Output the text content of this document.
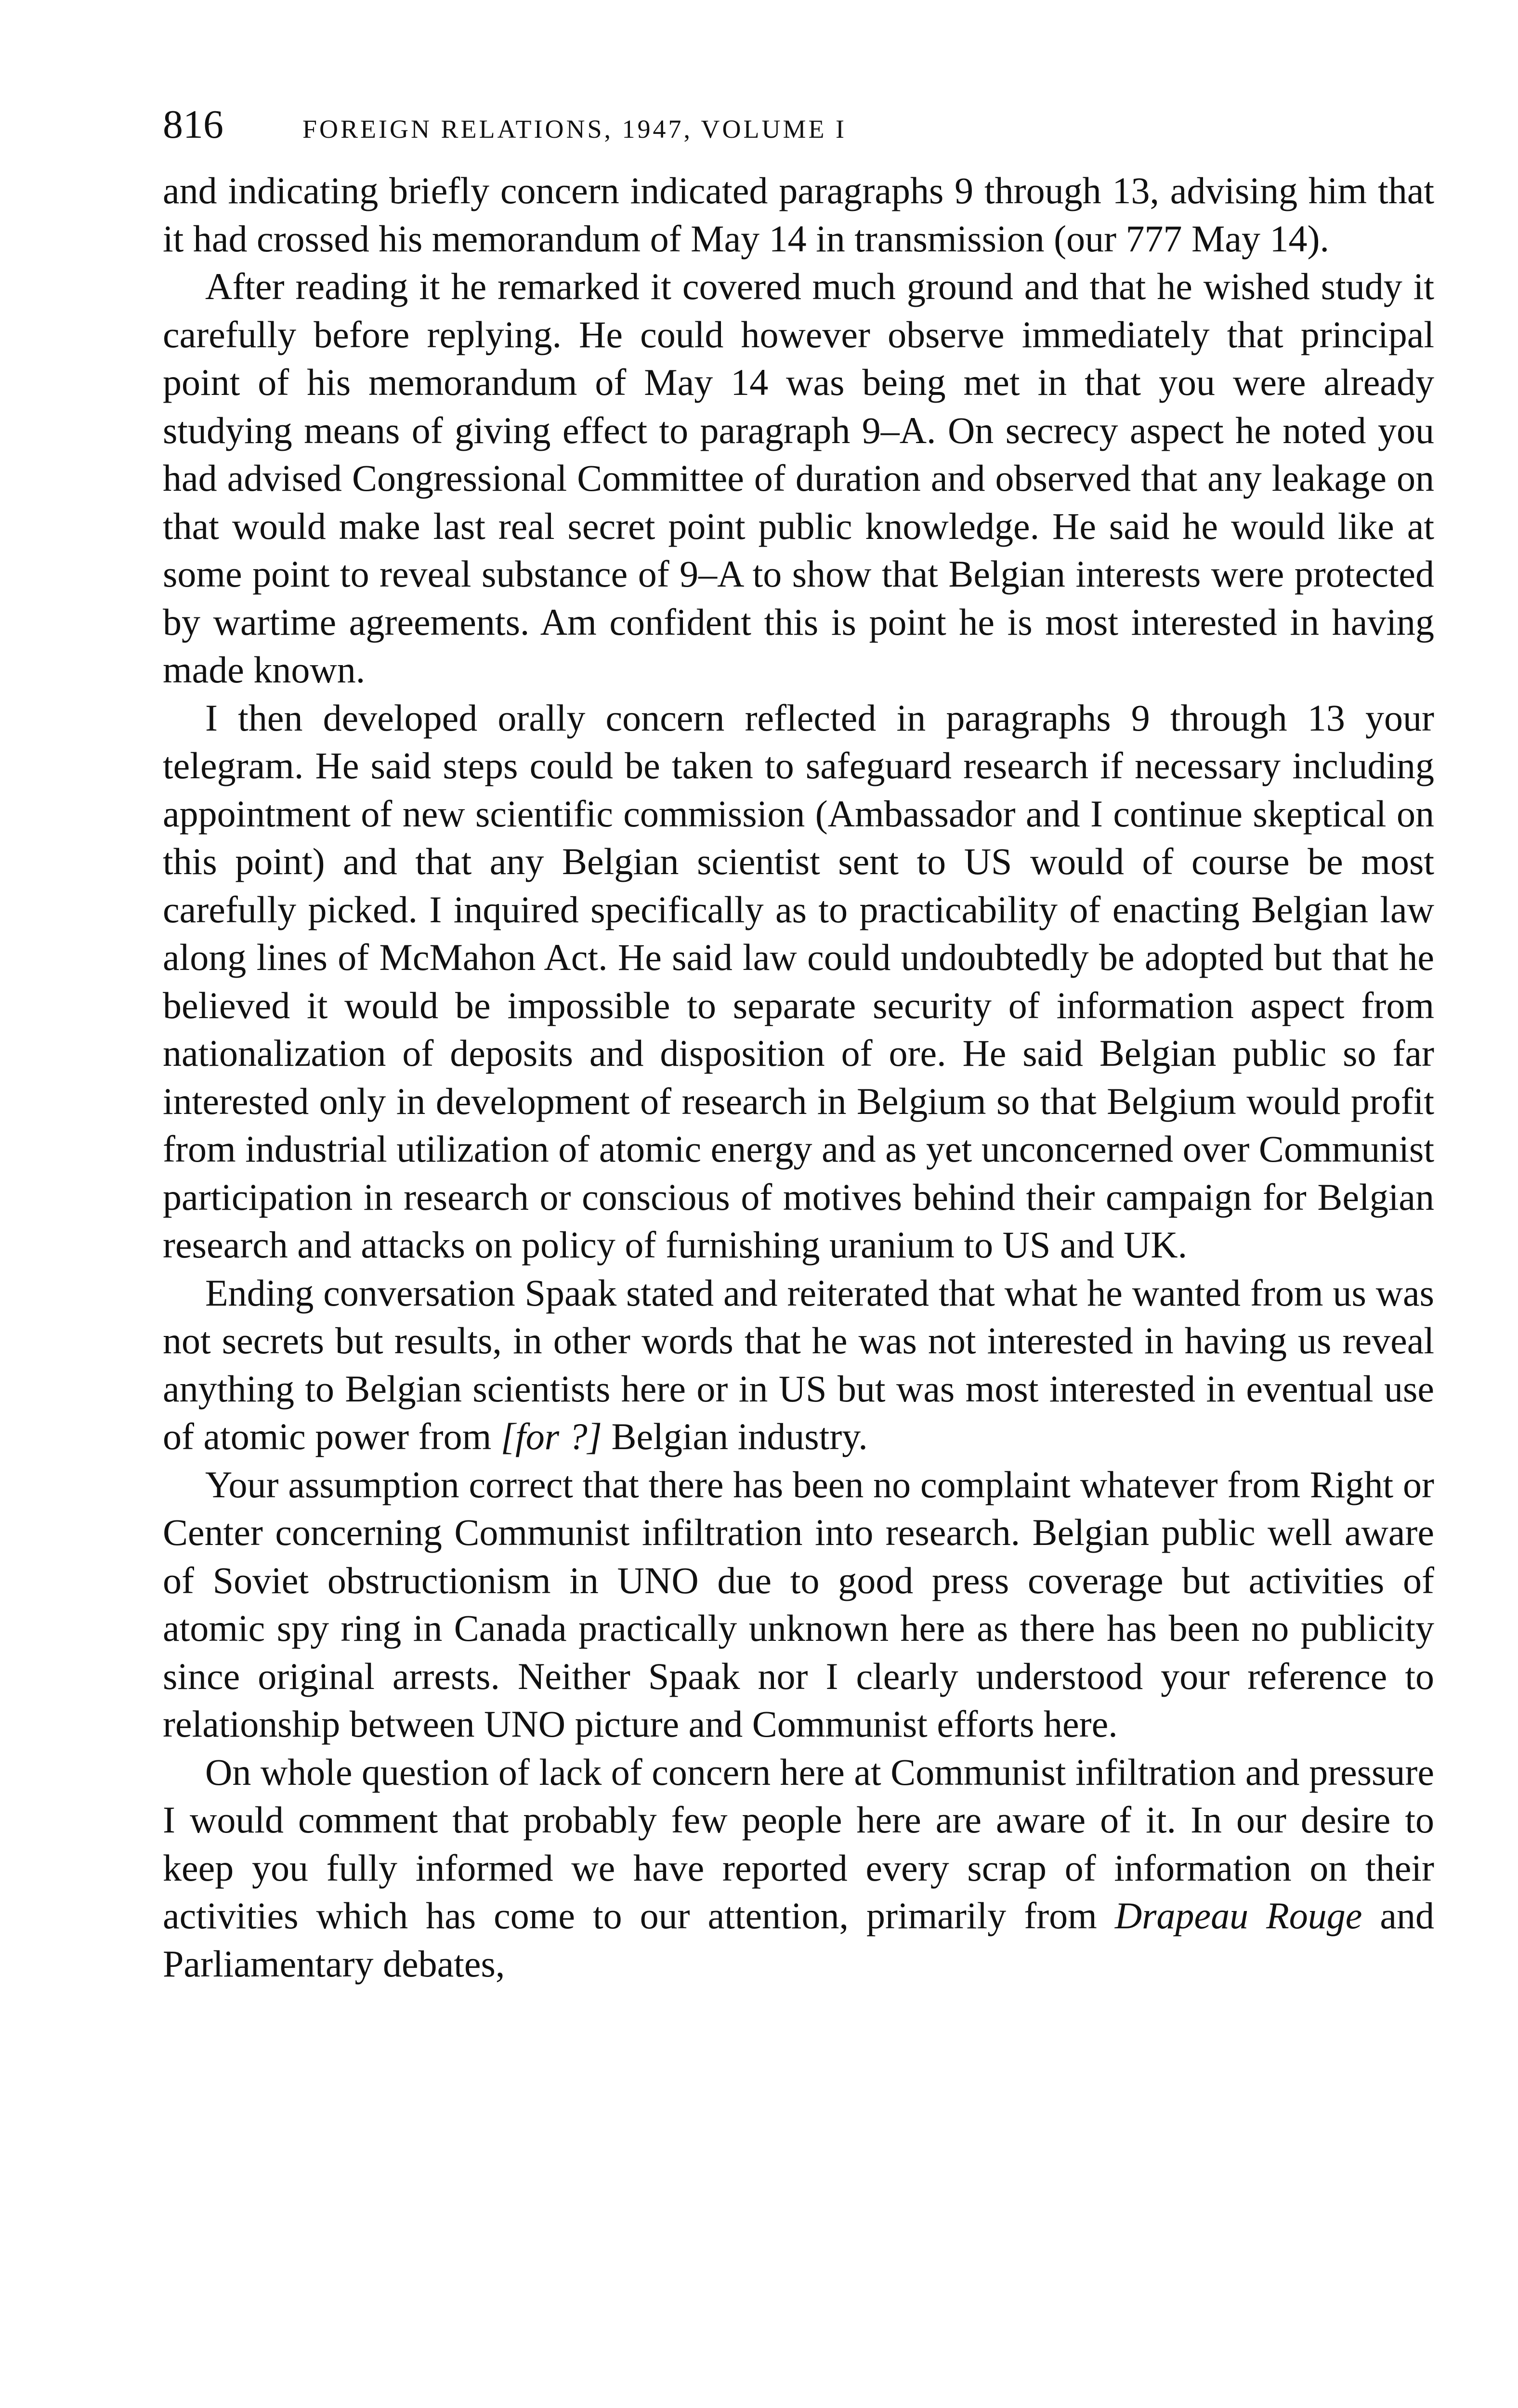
816	FOREIGN RELATIONS, 1947, VOLUME I

and indicating briefly concern indicated paragraphs 9 through 13, advising him that it had crossed his memorandum of May 14 in transmission (our 777 May 14).

After reading it he remarked it covered much ground and that he wished study it carefully before replying. He could however observe immediately that principal point of his memorandum of May 14 was being met in that you were already studying means of giving effect to paragraph 9–A. On secrecy aspect he noted you had advised Congressional Committee of duration and observed that any leakage on that would make last real secret point public knowledge. He said he would like at some point to reveal substance of 9–A to show that Belgian interests were protected by wartime agreements. Am confident this is point he is most interested in having made known.

I then developed orally concern reflected in paragraphs 9 through 13 your telegram. He said steps could be taken to safeguard research if necessary including appointment of new scientific commission (Ambassador and I continue skeptical on this point) and that any Belgian scientist sent to US would of course be most carefully picked. I inquired specifically as to practicability of enacting Belgian law along lines of McMahon Act. He said law could undoubtedly be adopted but that he believed it would be impossible to separate security of information aspect from nationalization of deposits and disposition of ore. He said Belgian public so far interested only in development of research in Belgium so that Belgium would profit from industrial utilization of atomic energy and as yet unconcerned over Communist participation in research or conscious of motives behind their campaign for Belgian research and attacks on policy of furnishing uranium to US and UK.

Ending conversation Spaak stated and reiterated that what he wanted from us was not secrets but results, in other words that he was not interested in having us reveal anything to Belgian scientists here or in US but was most interested in eventual use of atomic power from [for ?] Belgian industry.

Your assumption correct that there has been no complaint whatever from Right or Center concerning Communist infiltration into research. Belgian public well aware of Soviet obstructionism in UNO due to good press coverage but activities of atomic spy ring in Canada practically unknown here as there has been no publicity since original arrests. Neither Spaak nor I clearly understood your reference to relationship between UNO picture and Communist efforts here.

On whole question of lack of concern here at Communist infiltration and pressure I would comment that probably few people here are aware of it. In our desire to keep you fully informed we have reported every scrap of information on their activities which has come to our attention, primarily from Drapeau Rouge and Parliamentary debates,
